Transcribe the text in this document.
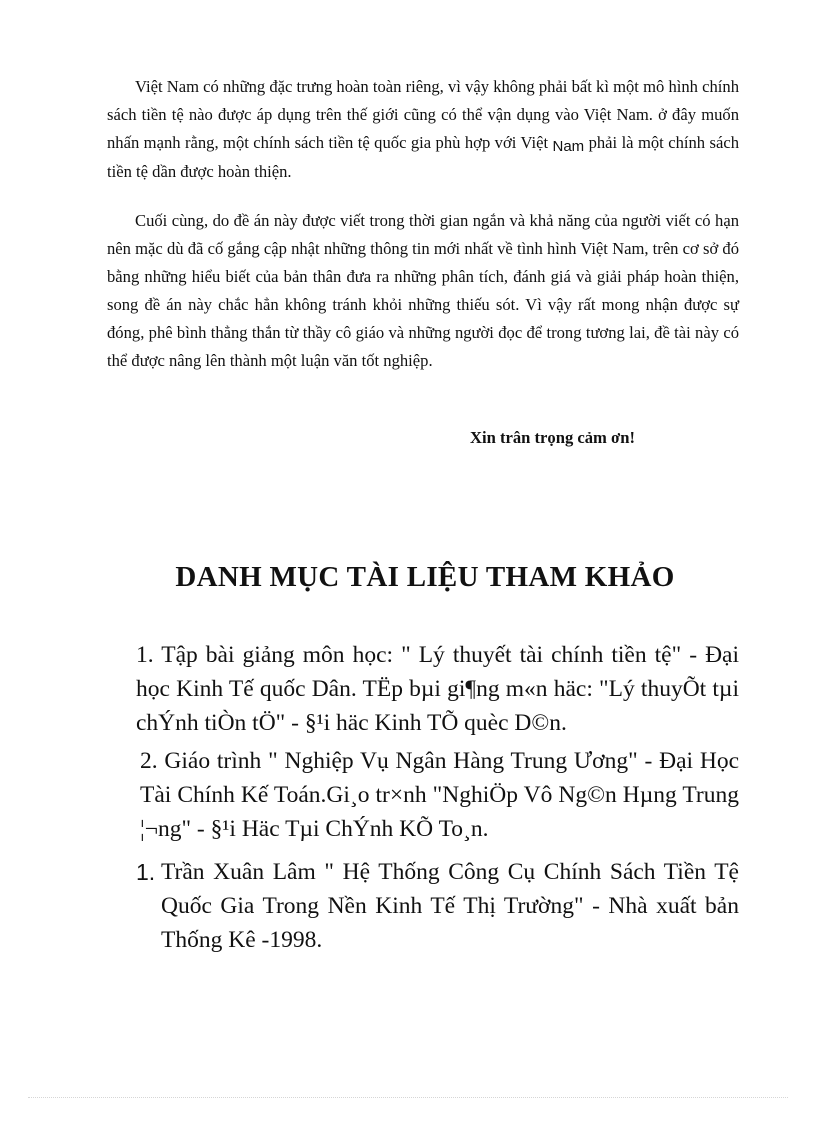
Việt Nam có những đặc trưng hoàn toàn riêng, vì vậy không phải bất kì một mô hình chính sách tiền tệ nào được áp dụng trên thế giới cũng có thể vận dụng vào Việt Nam. ở đây muốn nhấn mạnh rằng, một chính sách tiền tệ quốc gia phù hợp với Việt Nam phải là một chính sách tiền tệ dần được hoàn thiện.

Cuối cùng, do đề án này được viết trong thời gian ngắn và khả năng của người viết có hạn nên mặc dù đã cố gắng cập nhật những thông tin mới nhất về tình hình Việt Nam, trên cơ sở đó bằng những hiểu biết của bản thân đưa ra những phân tích, đánh giá và giải pháp hoàn thiện, song đề án này chắc hẳn không tránh khỏi những thiếu sót. Vì vậy rất mong nhận được sự đóng, phê bình thẳng thắn từ thầy cô giáo và những người đọc để trong tương lai, đề tài này có thể được nâng lên thành một luận văn tốt nghiệp.

Xin trân trọng cảm ơn!

DANH MỤC TÀI LIỆU THAM KHẢO

1. Tập bài giảng môn học: " Lý thuyết tài chính tiền tệ" - Đại học Kinh Tế quốc Dân. TËp bµi gi¶ng m«n häc: "Lý thuyÕt tµi chÝnh tiÒn tÖ" - §¹i häc Kinh TÕ quèc D©n.

2. Giáo trình " Nghiệp Vụ Ngân Hàng Trung Ương" - Đại Học Tài Chính Kế Toán.Gi¸o tr×nh "NghiÖp Vô Ng©n Hµng Trung ¦¬ng" - §¹i Häc Tµi ChÝnh KÕ To¸n.

1. Trần Xuân Lâm " Hệ Thống Công Cụ Chính Sách Tiền Tệ Quốc Gia Trong Nền Kinh Tế Thị Trường" - Nhà xuất bản Thống Kê -1998.
